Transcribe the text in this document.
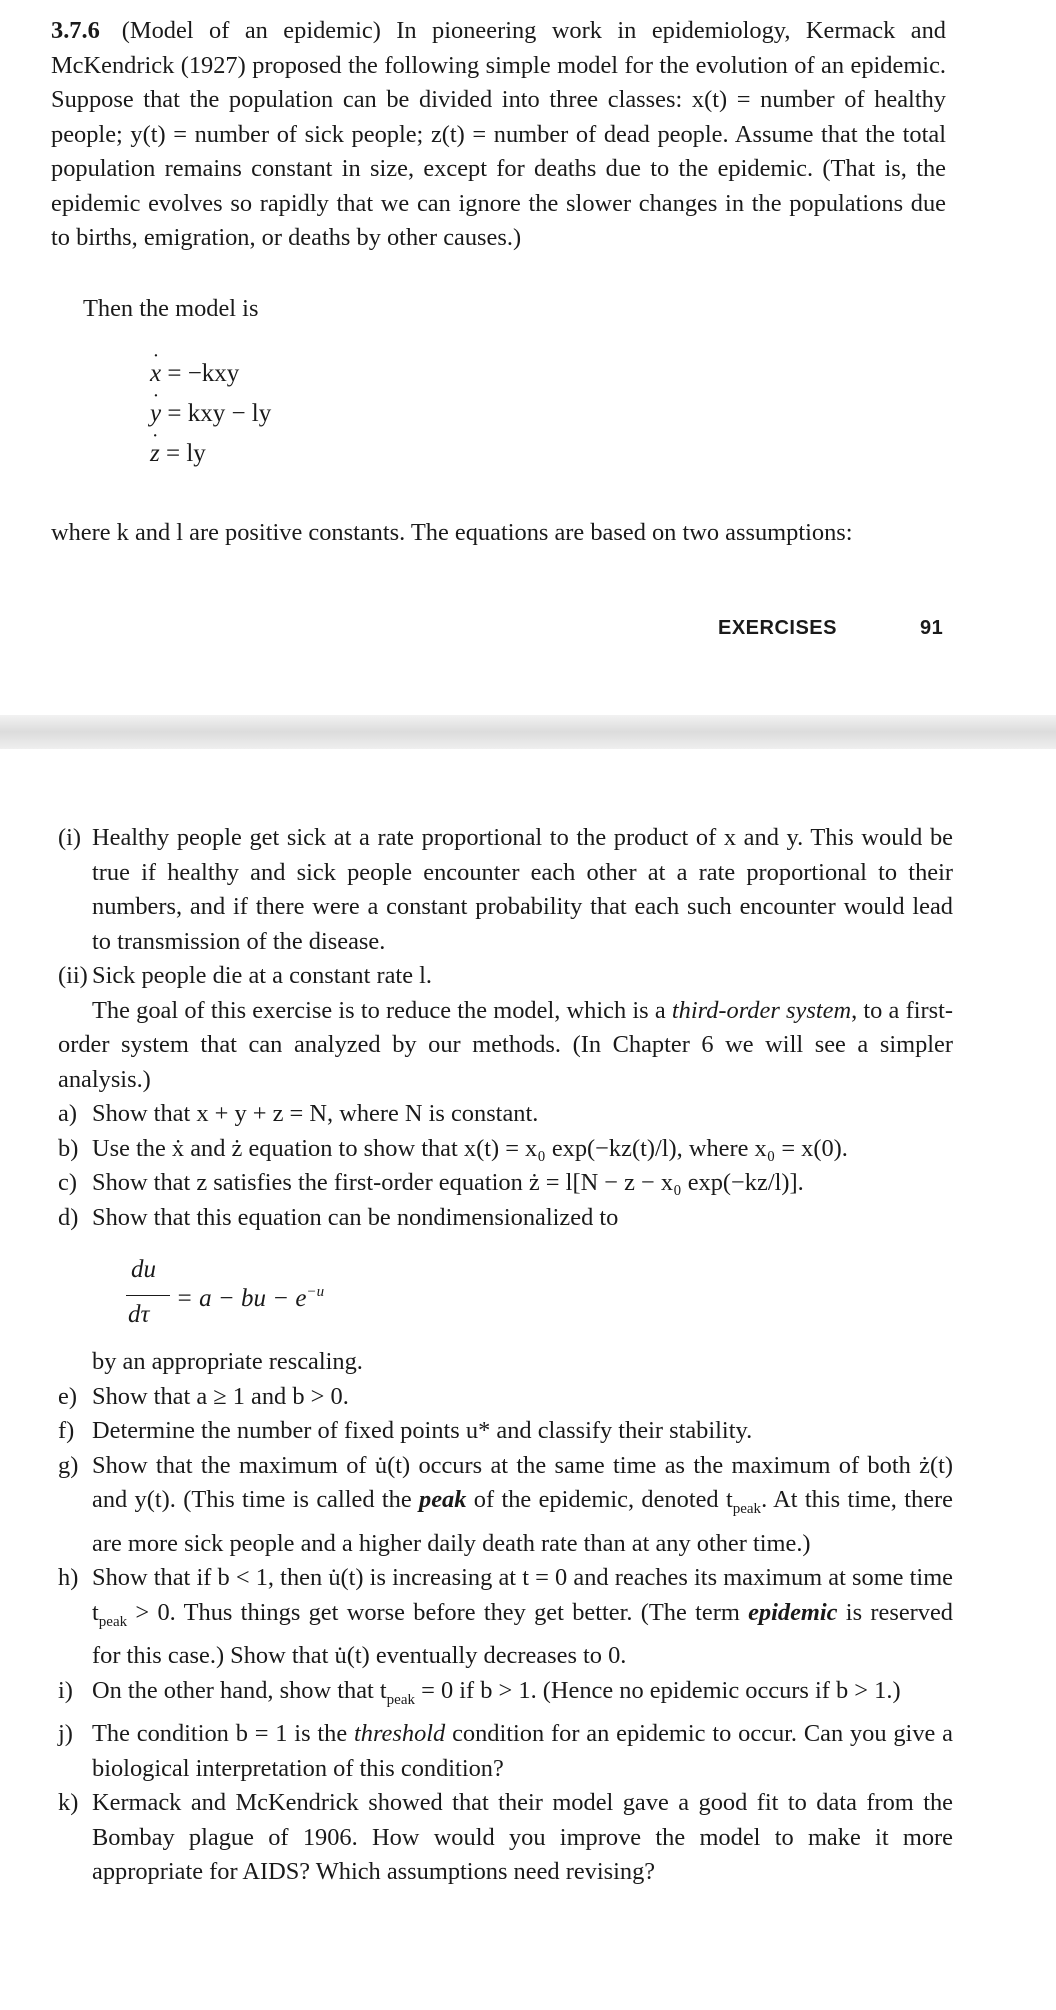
3.7.6 (Model of an epidemic) In pioneering work in epidemiology, Kermack and McKendrick (1927) proposed the following simple model for the evolution of an epidemic. Suppose that the population can be divided into three classes: x(t) = number of healthy people; y(t) = number of sick people; z(t) = number of dead people. Assume that the total population remains constant in size, except for deaths due to the epidemic. (That is, the epidemic evolves so rapidly that we can ignore the slower changes in the populations due to births, emigration, or deaths by other causes.)
Then the model is
˙ x = −kxy
˙ y = kxy − ly
˙ z = ly
where k and l are positive constants. The equations are based on two assumptions:
EXERCISES	91
(i) Healthy people get sick at a rate proportional to the product of x and y. This would be true if healthy and sick people encounter each other at a rate proportional to their numbers, and if there were a constant probability that each such encounter would lead to transmission of the disease.
(ii) Sick people die at a constant rate l.
The goal of this exercise is to reduce the model, which is a third-order system, to a first-order system that can analyzed by our methods. (In Chapter 6 we will see a simpler analysis.)
a) Show that x + y + z = N, where N is constant.
b) Use the ẋ and ż equation to show that x(t) = x₀ exp(−kz(t)/l), where x₀ = x(0).
c) Show that z satisfies the first-order equation ż = l[N − z − x₀ exp(−kz/l)].
d) Show that this equation can be nondimensionalized to
du
dτ
= a − bu − $e^{-u}$
by an appropriate rescaling.
e) Show that a ≥ 1 and b > 0.
f) Determine the number of fixed points u* and classify their stability.
g) Show that the maximum of u̇(t) occurs at the same time as the maximum of both ż(t) and y(t). (This time is called the peak of the epidemic, denoted $t_{peak}$. At this time, there are more sick people and a higher daily death rate than at any other time.)
h) Show that if b < 1, then u̇(t) is increasing at t = 0 and reaches its maximum at some time $t_{peak} > 0$. Thus things get worse before they get better. (The term epidemic is reserved for this case.) Show that u̇(t) eventually decreases to 0.
i) On the other hand, show that $t_{peak} = 0$ if b > 1. (Hence no epidemic occurs if b > 1.)
j) The condition b = 1 is the threshold condition for an epidemic to occur. Can you give a biological interpretation of this condition?
k) Kermack and McKendrick showed that their model gave a good fit to data from the Bombay plague of 1906. How would you improve the model to make it more appropriate for AIDS? Which assumptions need revising?
